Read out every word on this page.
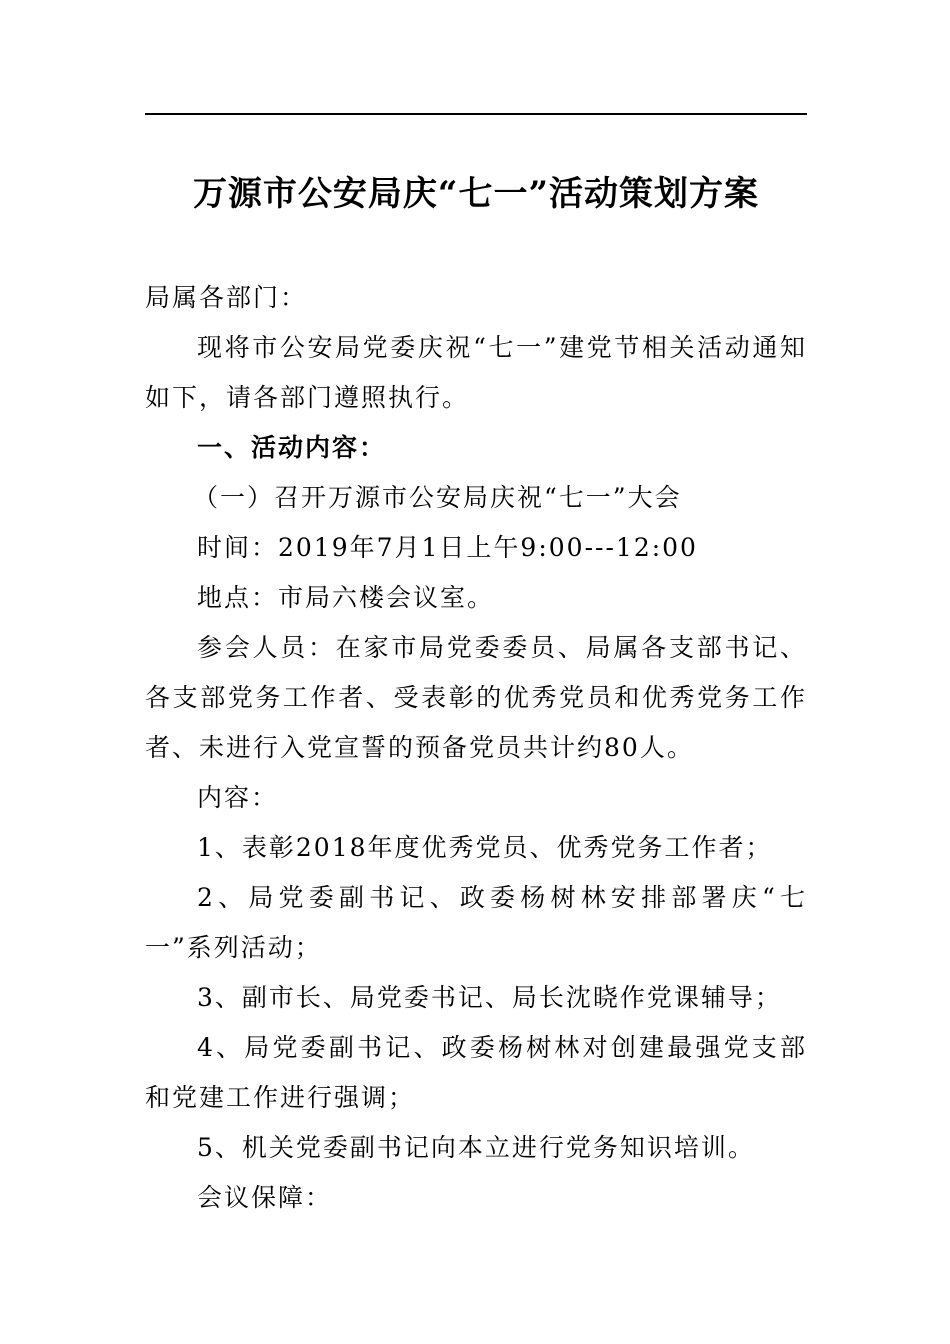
万源市公安局庆“七一”活动策划方案

局属各部门：

现将市公安局党委庆祝“七一”建党节相关活动通知如下，请各部门遵照执行。

一、活动内容：

（一）召开万源市公安局庆祝“七一”大会

时间：2019年7月1日上午9:00---12:00

地点：市局六楼会议室。

参会人员：在家市局党委委员、局属各支部书记、各支部党务工作者、受表彰的优秀党员和优秀党务工作者、未进行入党宣誓的预备党员共计约80人。

内容：

1、表彰2018年度优秀党员、优秀党务工作者；

2、局党委副书记、政委杨树林安排部署庆“七一”系列活动；

3、副市长、局党委书记、局长沈晓作党课辅导；

4、局党委副书记、政委杨树林对创建最强党支部和党建工作进行强调；

5、机关党委副书记向本立进行党务知识培训。

会议保障：
